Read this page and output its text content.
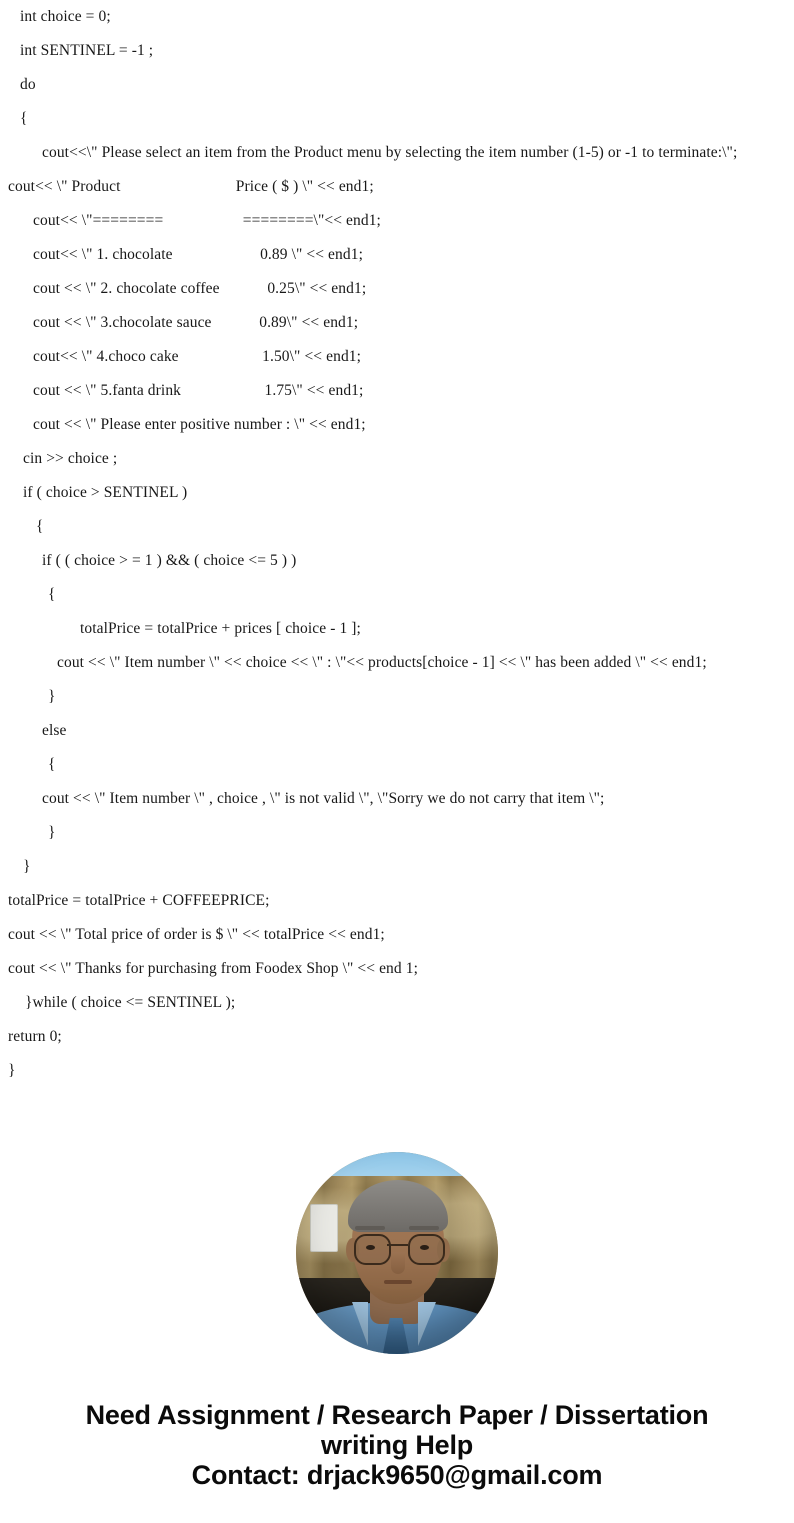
int choice = 0;
int SENTINEL = -1 ;
do
{
cout<<\" Please select an item from the Product menu by selecting the item number (1-5) or -1 to terminate:\";
cout<< \" Product                             Price ( $ ) \" << end1;
cout<< \"========                    ========\"<< end1;
cout<< \" 1. chocolate                      0.89 \" << end1;
cout << \" 2. chocolate coffee            0.25\" << end1;
cout << \" 3.chocolate sauce            0.89\" << end1;
cout<< \" 4.choco cake                     1.50\" << end1;
cout << \" 5.fanta drink                     1.75\" << end1;
cout << \" Please enter positive number : \" << end1;
cin >> choice ;
if ( choice > SENTINEL )
{
if ( ( choice > = 1 ) && ( choice <= 5 ) )
{
totalPrice = totalPrice + prices [ choice - 1 ];
cout << \" Item number \" << choice << \" : \"<< products[choice - 1] << \" has been added \" << end1;
}
else
{
cout << \" Item number \" , choice , \" is not valid \", \"Sorry we do not carry that item \";
}
}
totalPrice = totalPrice + COFFEEPRICE;
cout << \" Total price of order is $ \" << totalPrice << end1;
cout << \" Thanks for purchasing from Foodex Shop \" << end 1;
}while ( choice <= SENTINEL );
return 0;
}
Need Assignment / Research Paper / Dissertation
writing Help
Contact: drjack9650@gmail.com
